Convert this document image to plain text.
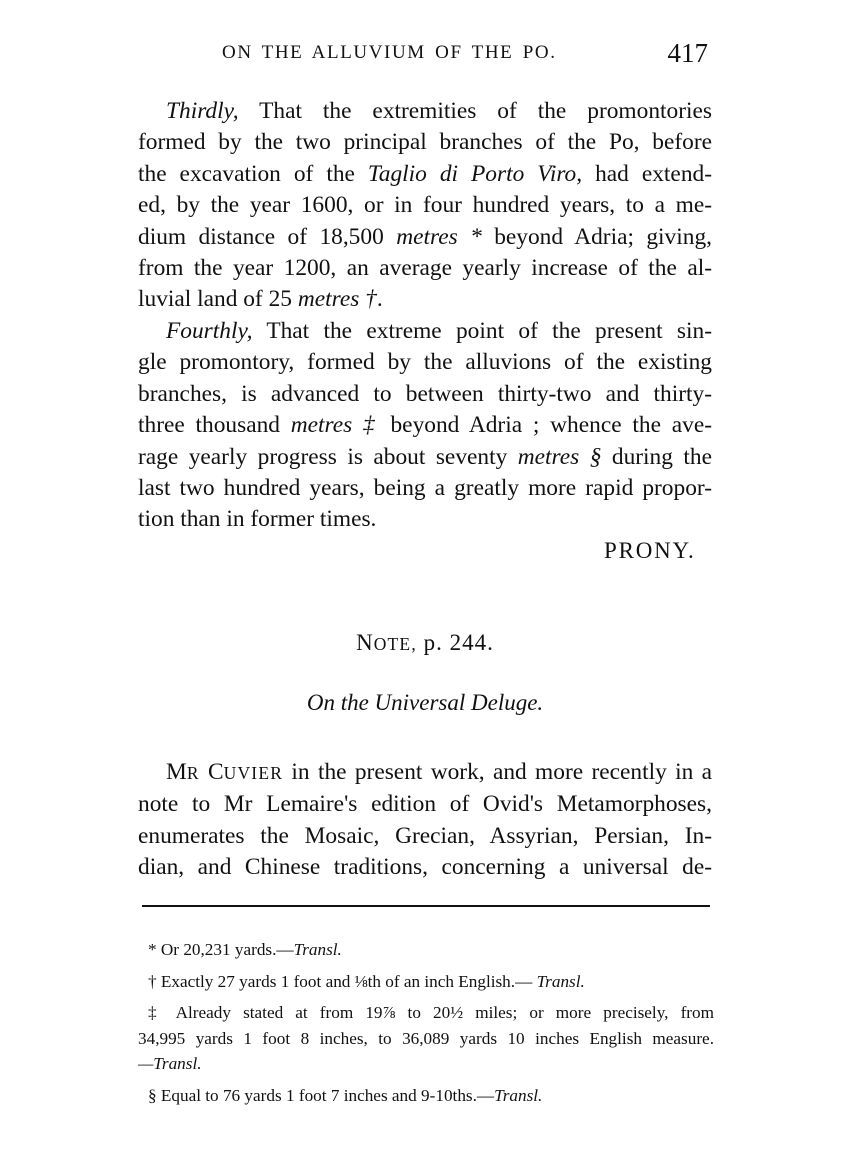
ON THE ALLUVIUM OF THE PO.	417
Thirdly, That the extremities of the promontories
formed by the two principal branches of the Po, before
the excavation of the Taglio di Porto Viro, had extend-
ed, by the year 1600, or in four hundred years, to a me-
dium distance of 18,500 metres * beyond Adria; giving,
from the year 1200, an average yearly increase of the al-
luvial land of 25 metres †.
Fourthly, That the extreme point of the present sin-
gle promontory, formed by the alluvions of the existing
branches, is advanced to between thirty-two and thirty-
three thousand metres ‡ beyond Adria ; whence the ave-
rage yearly progress is about seventy metres § during the
last two hundred years, being a greatly more rapid propor-
tion than in former times.
PRONY.
NOTE, p. 244.
On the Universal Deluge.
MR CUVIER in the present work, and more recently in a
note to Mr Lemaire's edition of Ovid's Metamorphoses,
enumerates the Mosaic, Grecian, Assyrian, Persian, In-
dian, and Chinese traditions, concerning a universal de-
* Or 20,231 yards.—Transl.
† Exactly 27 yards 1 foot and ⅛th of an inch English.— Transl.
‡ Already stated at from 19⅞ to 20½ miles; or more precisely, from
34,995 yards 1 foot 8 inches, to 36,089 yards 10 inches English measure.
—Transl.
§ Equal to 76 yards 1 foot 7 inches and 9-10ths.—Transl.
